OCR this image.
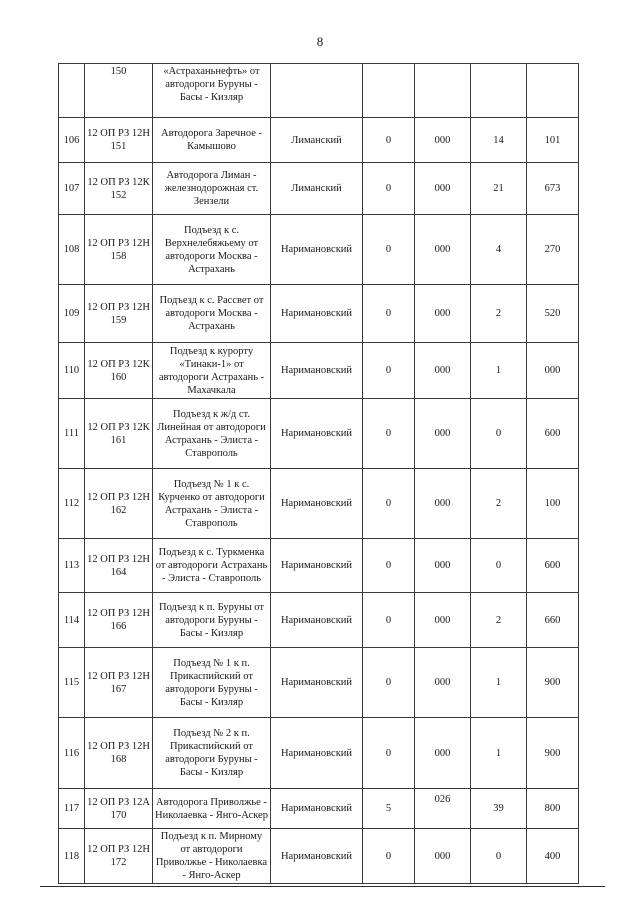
8
	150	«Астраханьнефть» от автодороги Буруны - Басы - Кизляр					
106	12 ОП РЗ 12Н 151	Автодорога Заречное - Камышово	Лиманский	0	000	14	101
107	12 ОП РЗ 12К 152	Автодорога Лиман - железнодорожная ст. Зензели	Лиманский	0	000	21	673
108	12 ОП РЗ 12Н 158	Подъезд к с. Верхнелебяжьему от автодороги Москва - Астрахань	Наримановский	0	000	4	270
109	12 ОП РЗ 12Н 159	Подъезд к с. Рассвет от автодороги Москва - Астрахань	Наримановский	0	000	2	520
110	12 ОП РЗ 12К 160	Подъезд к курорту «Тинаки-1» от автодороги Астрахань - Махачкала	Наримановский	0	000	1	000
111	12 ОП РЗ 12К 161	Подъезд к ж/д ст. Линейная от автодороги Астрахань - Элиста - Ставрополь	Наримановский	0	000	0	600
112	12 ОП РЗ 12Н 162	Подъезд № 1 к с. Курченко от автодороги Астрахань - Элиста - Ставрополь	Наримановский	0	000	2	100
113	12 ОП РЗ 12Н 164	Подъезд к с. Туркменка от автодороги Астрахань - Элиста - Ставрополь	Наримановский	0	000	0	600
114	12 ОП РЗ 12Н 166	Подъезд к п. Буруны от автодороги Буруны - Басы - Кизляр	Наримановский	0	000	2	660
115	12 ОП РЗ 12Н 167	Подъезд № 1 к п. Прикаспийский от автодороги Буруны - Басы - Кизляр	Наримановский	0	000	1	900
116	12 ОП РЗ 12Н 168	Подъезд № 2 к п. Прикаспийский от автодороги Буруны - Басы - Кизляр	Наримановский	0	000	1	900
117	12 ОП РЗ 12А 170	Автодорога Приволжье - Николаевка - Янго-Аскер	Наримановский	5	026	39	800
118	12 ОП РЗ 12Н 172	Подъезд к п. Мирному от автодороги Приволжье - Николаевка - Янго-Аскер	Наримановский	0	000	0	400
